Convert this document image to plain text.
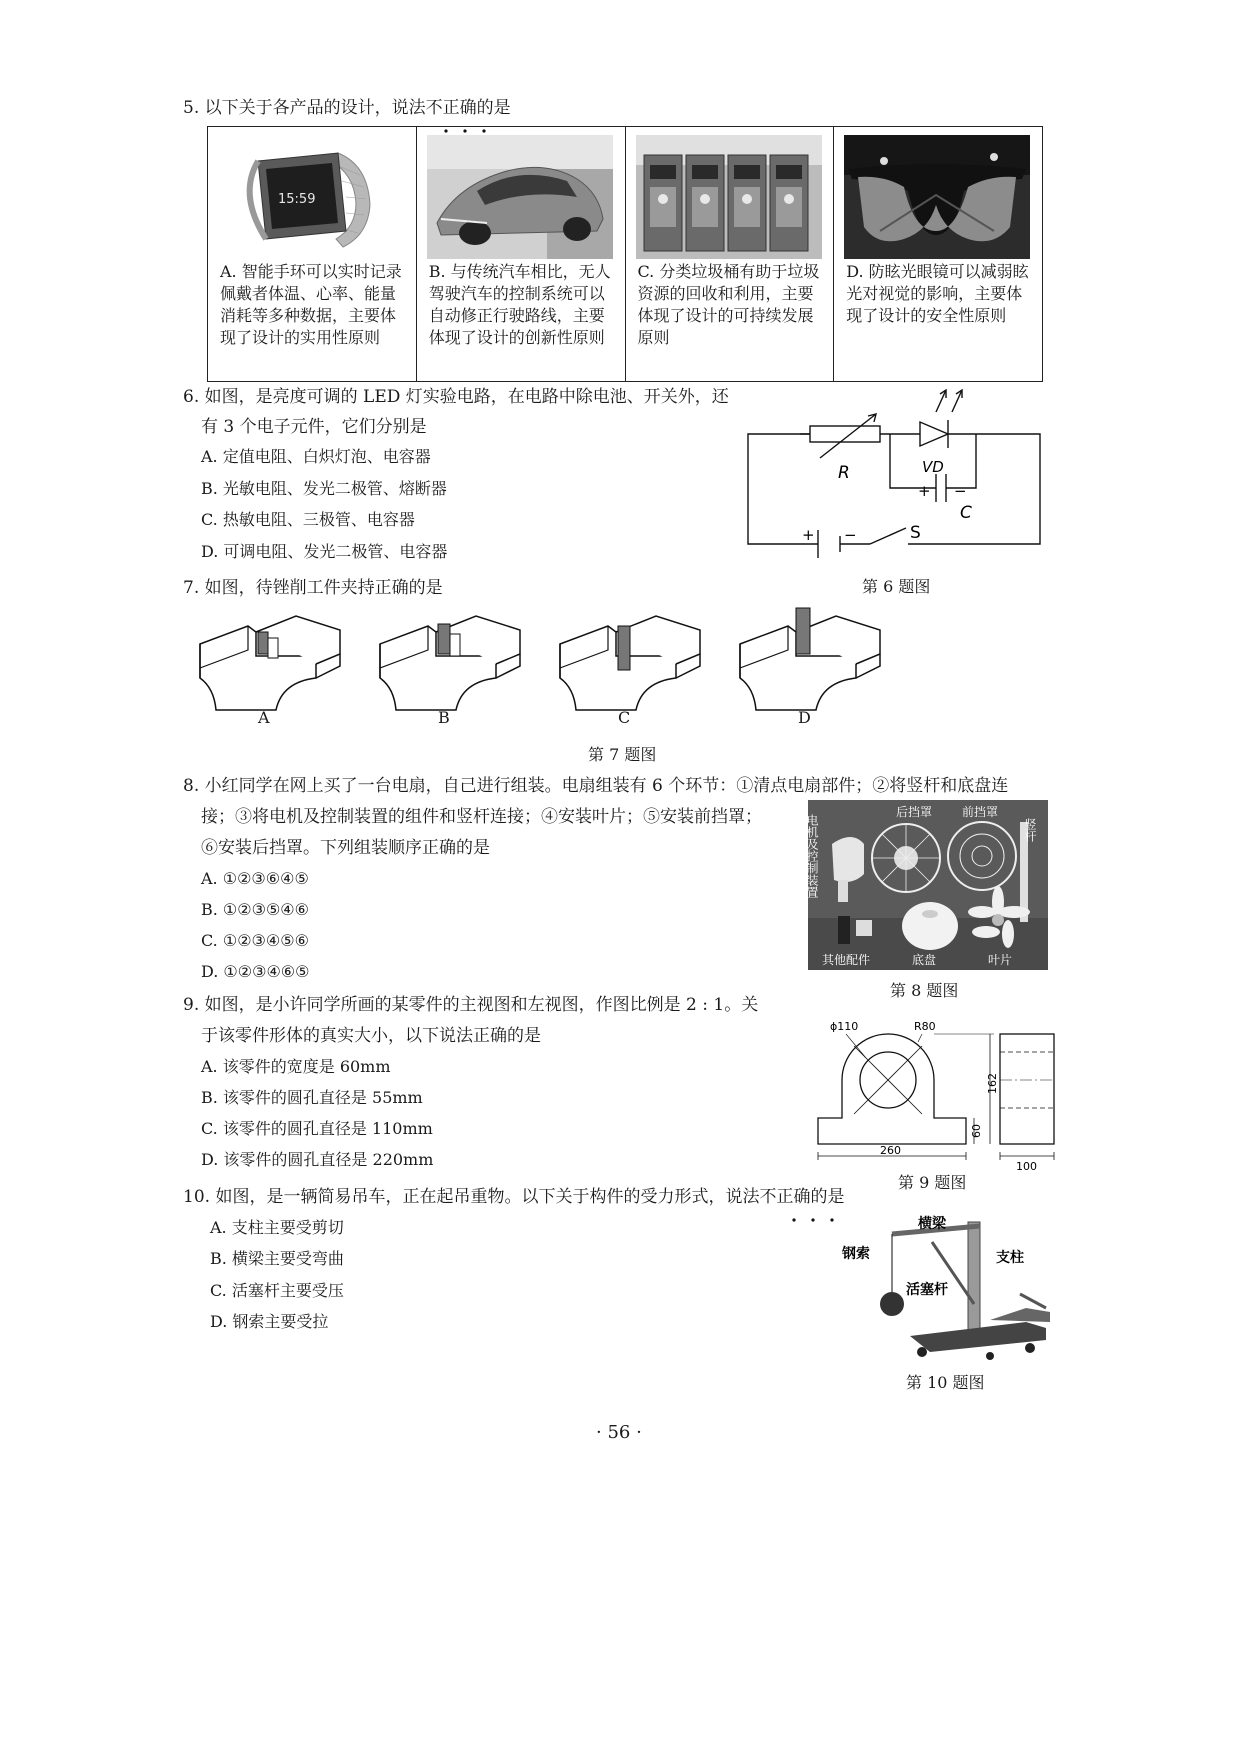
5. 以下关于各产品的设计，说法不正确的是
15:59
A. 智能手环可以实时记录佩戴者体温、心率、能量消耗等多种数据，主要体现了设计的实用性原则
B. 与传统汽车相比，无人驾驶汽车的控制系统可以自动修正行驶路线，主要体现了设计的创新性原则
C. 分类垃圾桶有助于垃圾资源的回收和利用，主要体现了设计的可持续发展原则
D. 防眩光眼镜可以减弱眩光对视觉的影响，主要体现了设计的安全性原则
6. 如图，是亮度可调的 LED 灯实验电路，在电路中除电池、开关外，还
有 3 个电子元件，它们分别是
A. 定值电阻、白炽灯泡、电容器
B. 光敏电阻、发光二极管、熔断器
C. 热敏电阻、三极管、电容器
D. 可调电阻、发光二极管、电容器
R	VD
+ −
C
+ −	S
第 6 题图
7. 如图，待锉削工件夹持正确的是
A	B	C	D
第 7 题图
8. 小红同学在网上买了一台电扇，自己进行组装。电扇组装有 6 个环节：①清点电扇部件；②将竖杆和底盘连
接；③将电机及控制装置的组件和竖杆连接；④安装叶片；⑤安装前挡罩；
⑥安装后挡罩。下列组装顺序正确的是
A. ①②③⑥④⑤
B. ①②③⑤④⑥
C. ①②③④⑤⑥
D. ①②③④⑥⑤
电机及控制装置
后挡罩 前挡罩
竖杆
其他配件	底盘	叶片
第 8 题图
9. 如图，是小许同学所画的某零件的主视图和左视图，作图比例是 2 : 1。关
于该零件形体的真实大小，以下说法正确的是
A. 该零件的宽度是 60mm
B. 该零件的圆孔直径是 55mm
C. 该零件的圆孔直径是 110mm
D. 该零件的圆孔直径是 220mm
ϕ110	R80
162
60
260
100
第 9 题图
10. 如图，是一辆简易吊车，正在起吊重物。以下关于构件的受力形式，说法不正确的是
A. 支柱主要受剪切
B. 横梁主要受弯曲
C. 活塞杆主要受压
D. 钢索主要受拉
横梁
钢索	支柱
活塞杆
第 10 题图
· 56 ·
